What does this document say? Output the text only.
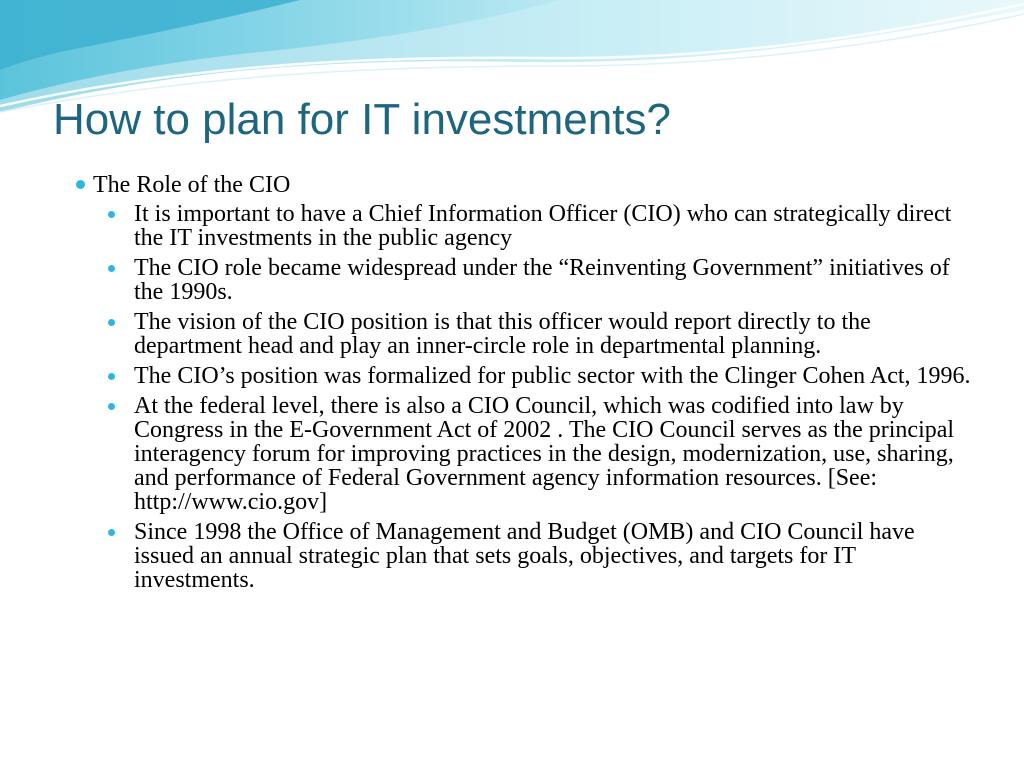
How to plan for IT investments?
The Role of the CIO
It is important to have a Chief Information Officer (CIO) who can strategically direct the IT investments in the public agency
The CIO role became widespread under the “Reinventing Government” initiatives of the 1990s.
The vision of the CIO position is that this officer would report directly to the department head and play an inner-circle role in departmental planning.
The CIO’s position was formalized for public sector with the Clinger Cohen Act, 1996.
At the federal level, there is also a CIO Council, which was codified into law by Congress in the E-Government Act of 2002 . The CIO Council serves as the principal interagency forum for improving practices in the design, modernization, use, sharing, and performance of Federal Government agency information resources. [See: http://www.cio.gov]
Since 1998 the Office of Management and Budget (OMB) and CIO Council have issued an annual strategic plan that sets goals, objectives, and targets for IT investments.
